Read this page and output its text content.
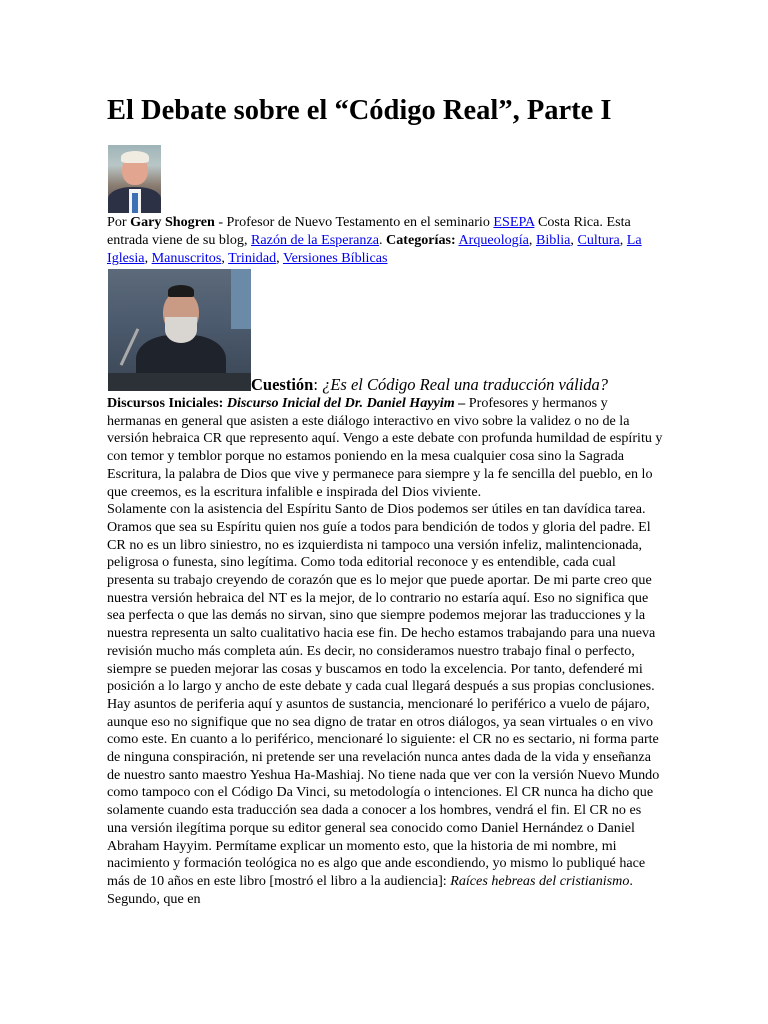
El Debate sobre el “Código Real”, Parte I
Por Gary Shogren - Profesor de Nuevo Testamento en el seminario ESEPA Costa Rica. Esta entrada viene de su blog, Razón de la Esperanza. Categorías: Arqueología, Biblia, Cultura, La Iglesia, Manuscritos, Trinidad, Versiones Bíblicas
Cuestión: ¿Es el Código Real una traducción válida?

Discursos Iniciales: Discurso Inicial del Dr. Daniel Hayyim – Profesores y hermanos y hermanas en general que asisten a este diálogo interactivo en vivo sobre la validez o no de la versión hebraica CR que represento aquí. Vengo a este debate con profunda humildad de espíritu y con temor y temblor porque no estamos poniendo en la mesa cualquier cosa sino la Sagrada Escritura, la palabra de Dios que vive y permanece para siempre y la fe sencilla del pueblo, en lo que creemos, es la escritura infalible e inspirada del Dios viviente.

Solamente con la asistencia del Espíritu Santo de Dios podemos ser útiles en tan davídica tarea. Oramos que sea su Espíritu quien nos guíe a todos para bendición de todos y gloria del padre. El CR no es un libro siniestro, no es izquierdista ni tampoco una versión infeliz, malintencionada, peligrosa o funesta, sino legítima. Como toda editorial reconoce y es entendible, cada cual presenta su trabajo creyendo de corazón que es lo mejor que puede aportar. De mi parte creo que nuestra versión hebraica del NT es la mejor, de lo contrario no estaría aquí. Eso no significa que sea perfecta o que las demás no sirvan, sino que siempre podemos mejorar las traducciones y la nuestra representa un salto cualitativo hacia ese fin. De hecho estamos trabajando para una nueva revisión mucho más completa aún. Es decir, no consideramos nuestro trabajo final o perfecto, siempre se pueden mejorar las cosas y buscamos en todo la excelencia. Por tanto, defenderé mi posición a lo largo y ancho de este debate y cada cual llegará después a sus propias conclusiones. Hay asuntos de periferia aquí y asuntos de sustancia, mencionaré lo periférico a vuelo de pájaro, aunque eso no signifique que no sea digno de tratar en otros diálogos, ya sean virtuales o en vivo como este. En cuanto a lo periférico, mencionaré lo siguiente: el CR no es sectario, ni forma parte de ninguna conspiración, ni pretende ser una revelación nunca antes dada de la vida y enseñanza de nuestro santo maestro Yeshua Ha-Mashiaj. No tiene nada que ver con la versión Nuevo Mundo como tampoco con el Código Da Vinci, su metodología o intenciones. El CR nunca ha dicho que solamente cuando esta traducción sea dada a conocer a los hombres, vendrá el fin. El CR no es una versión ilegítima porque su editor general sea conocido como Daniel Hernández o Daniel Abraham Hayyim. Permítame explicar un momento esto, que la historia de mi nombre, mi nacimiento y formación teológica no es algo que ande escondiendo, yo mismo lo publiqué hace más de 10 años en este libro [mostró el libro a la audiencia]: Raíces hebreas del cristianismo. Segundo, que en
